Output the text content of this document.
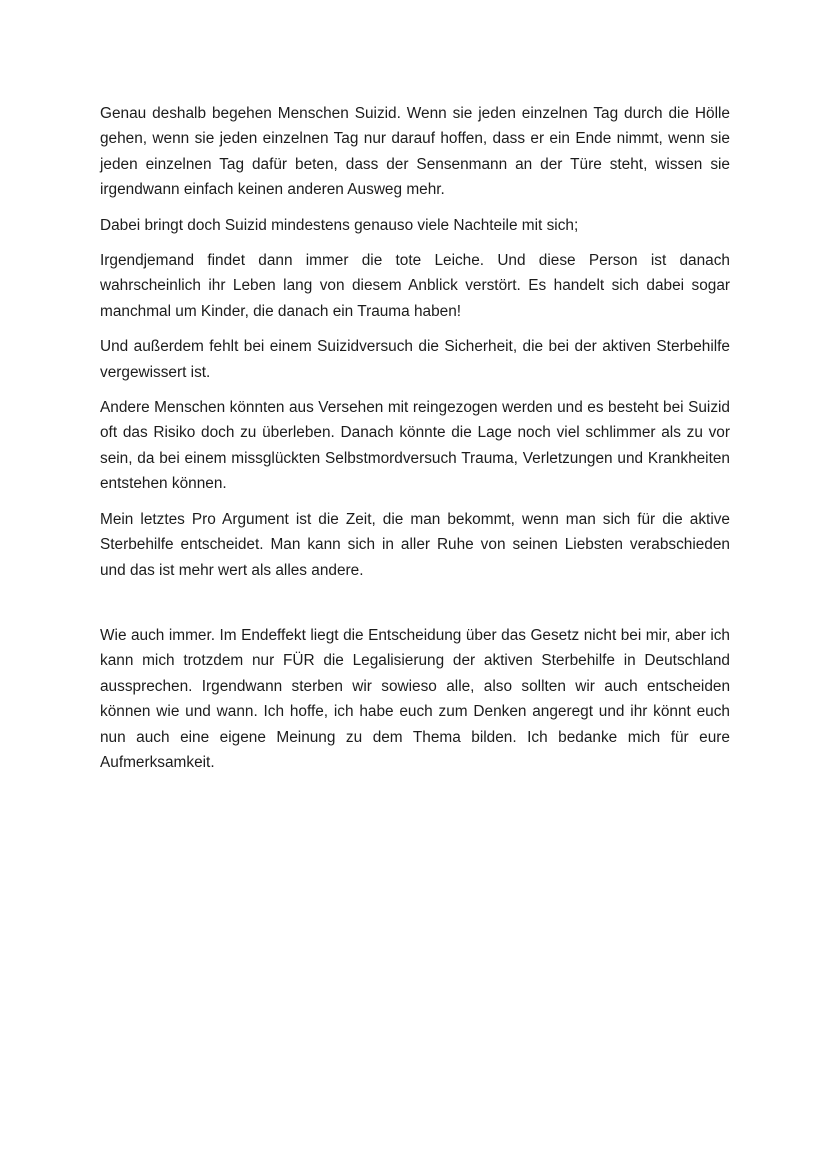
Genau deshalb begehen Menschen Suizid. Wenn sie jeden einzelnen Tag durch die Hölle gehen, wenn sie jeden einzelnen Tag nur darauf hoffen, dass er ein Ende nimmt, wenn sie jeden einzelnen Tag dafür beten, dass der Sensenmann an der Türe steht, wissen sie irgendwann einfach keinen anderen Ausweg mehr.

Dabei bringt doch Suizid mindestens genauso viele Nachteile mit sich;

Irgendjemand findet dann immer die tote Leiche. Und diese Person ist danach wahrscheinlich ihr Leben lang von diesem Anblick verstört. Es handelt sich dabei sogar manchmal um Kinder, die danach ein Trauma haben!

Und außerdem fehlt bei einem Suizidversuch die Sicherheit, die bei der aktiven Sterbehilfe vergewissert ist.

Andere Menschen könnten aus Versehen mit reingezogen werden und es besteht bei Suizid oft das Risiko doch zu überleben. Danach könnte die Lage noch viel schlimmer als zu vor sein, da bei einem missglückten Selbstmordversuch Trauma, Verletzungen und Krankheiten entstehen können.

Mein letztes Pro Argument ist die Zeit, die man bekommt, wenn man sich für die aktive Sterbehilfe entscheidet. Man kann sich in aller Ruhe von seinen Liebsten verabschieden und das ist mehr wert als alles andere.

Wie auch immer. Im Endeffekt liegt die Entscheidung über das Gesetz nicht bei mir, aber ich kann mich trotzdem nur FÜR die Legalisierung der aktiven Sterbehilfe in Deutschland aussprechen. Irgendwann sterben wir sowieso alle, also sollten wir auch entscheiden können wie und wann. Ich hoffe, ich habe euch zum Denken angeregt und ihr könnt euch nun auch eine eigene Meinung zu dem Thema bilden. Ich bedanke mich für eure Aufmerksamkeit.
